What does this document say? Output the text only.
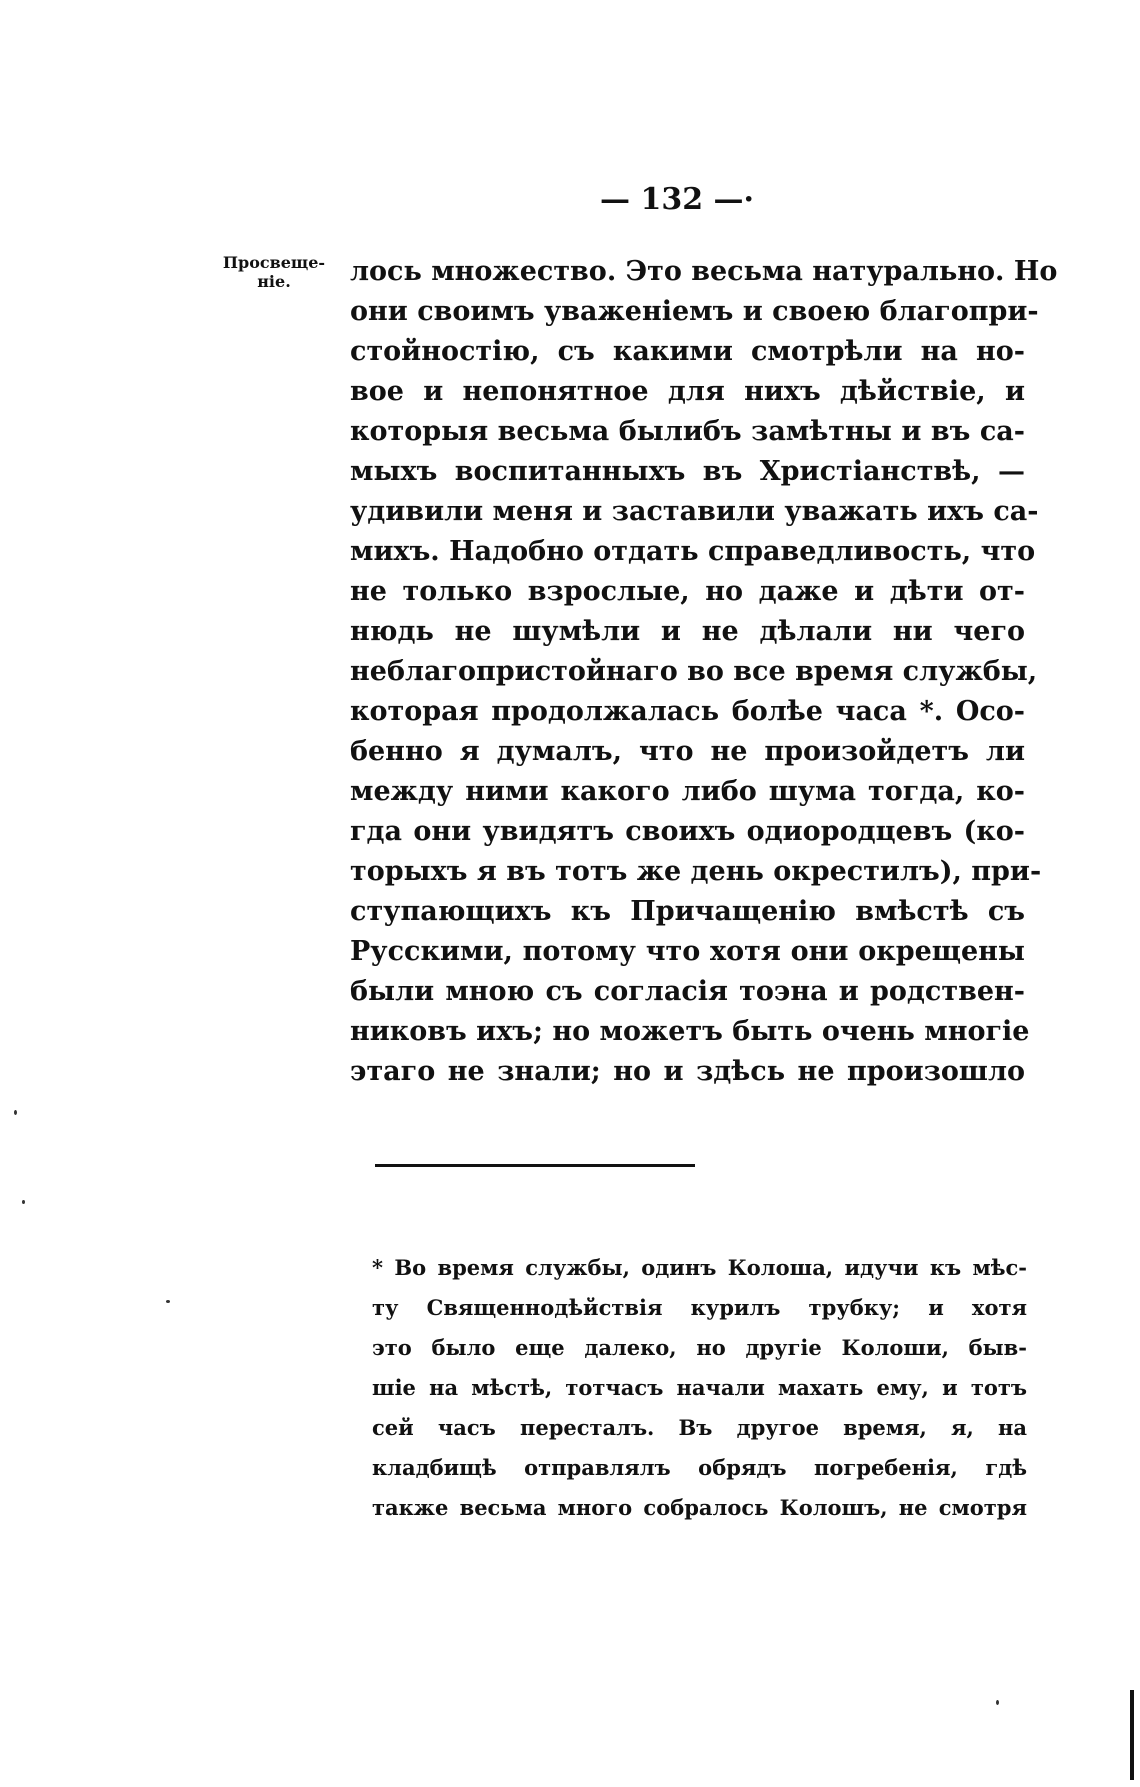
— 132 —·
Просвеще-
ніе.	лось множество. Это весьма натурально. Но
они своимъ уваженіемъ и своею благопри-
стойностію, съ какими смотрѣли на но-
вое и непонятное для нихъ дѣйствіе, и
которыя весьма былибъ замѣтны и въ са-
мыхъ воспитанныхъ въ Христіанствѣ, —
удивили меня и заставили уважать ихъ са-
михъ. Надобно отдать справедливость, что
не только взрослые, но даже и дѣти от-
нюдь не шумѣли и не дѣлали ни чего
неблагопристойнаго во все время службы,
которая продолжалась болѣе часа *. Осо-
бенно я думалъ, что не произойдетъ ли
между ними какого либо шума тогда, ко-
гда они увидятъ своихъ одиородцевъ (ко-
торыхъ я въ тотъ же день окрестилъ), при-
ступающихъ къ Причащенію вмѣстѣ съ
Русскими, потому что хотя они окрещены
были мною съ согласія тоэна и родствен-
никовъ ихъ; но можетъ быть очень многіе
этаго не знали; но и здѣсь не произошло
* Во время службы, одинъ Колоша, идучи къ мѣс-
ту Священнодѣйствія курилъ трубку; и хотя
это было еще далеко, но другіе Колоши, быв-
шіе на мѣстѣ, тотчасъ начали махать ему, и тотъ
сей часъ пересталъ. Въ другое время, я, на
кладбищѣ отправлялъ обрядъ погребенія, гдѣ
также весьма много собралось Колошъ, не смотря
